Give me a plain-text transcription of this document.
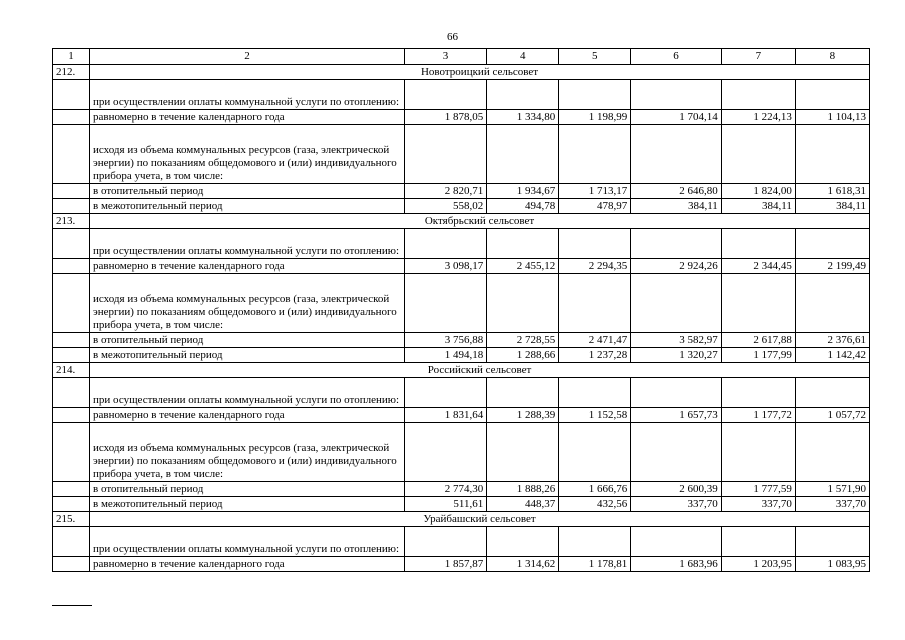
66
1	2	3	4	5	6	7	8
212.	Новотроицкий сельсовет						
	при осуществлении оплаты коммунальной услуги по отоплению:						
	равномерно в течение календарного года	1 878,05	1 334,80	1 198,99	1 704,14	1 224,13	1 104,13
	исходя из объема коммунальных ресурсов (газа, электрической энергии) по показаниям общедомового и (или) индивидуального прибора учета, в том числе:						
	в отопительный период	2 820,71	1 934,67	1 713,17	2 646,80	1 824,00	1 618,31
	в межотопительный период	558,02	494,78	478,97	384,11	384,11	384,11
213.	Октябрьский сельсовет						
	при осуществлении оплаты коммунальной услуги по отоплению:						
	равномерно в течение календарного года	3 098,17	2 455,12	2 294,35	2 924,26	2 344,45	2 199,49
	исходя из объема коммунальных ресурсов (газа, электрической энергии) по показаниям общедомового и (или) индивидуального прибора учета, в том числе:						
	в отопительный период	3 756,88	2 728,55	2 471,47	3 582,97	2 617,88	2 376,61
	в межотопительный период	1 494,18	1 288,66	1 237,28	1 320,27	1 177,99	1 142,42
214.	Российский сельсовет						
	при осуществлении оплаты коммунальной услуги по отоплению:						
	равномерно в течение календарного года	1 831,64	1 288,39	1 152,58	1 657,73	1 177,72	1 057,72
	исходя из объема коммунальных ресурсов (газа, электрической энергии) по показаниям общедомового и (или) индивидуального прибора учета, в том числе:						
	в отопительный период	2 774,30	1 888,26	1 666,76	2 600,39	1 777,59	1 571,90
	в межотопительный период	511,61	448,37	432,56	337,70	337,70	337,70
215.	Урайбашский сельсовет						
	при осуществлении оплаты коммунальной услуги по отоплению:						
	равномерно в течение календарного года	1 857,87	1 314,62	1 178,81	1 683,96	1 203,95	1 083,95
